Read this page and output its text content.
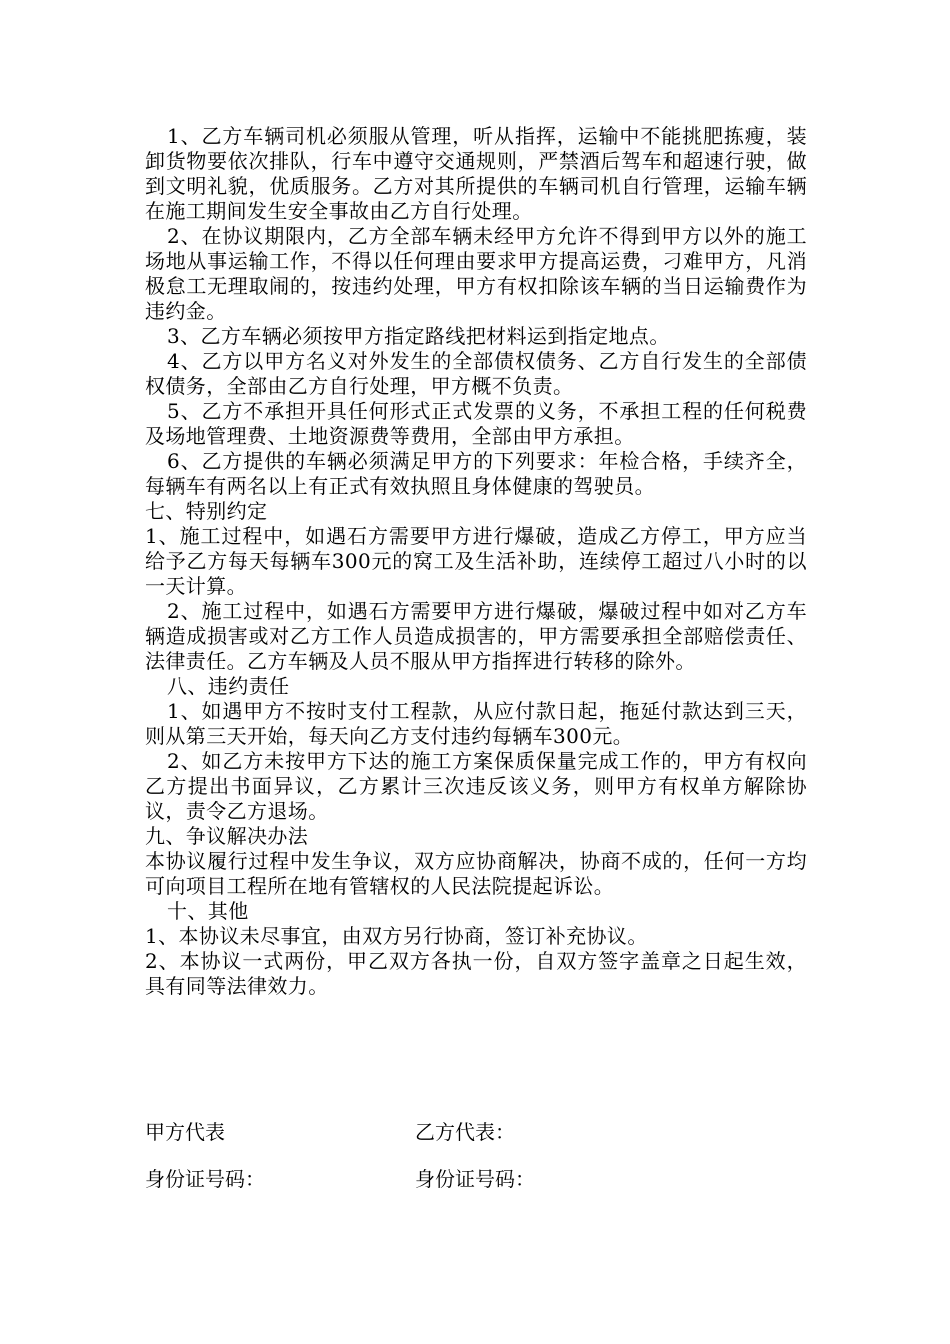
1、乙方车辆司机必须服从管理，听从指挥，运输中不能挑肥拣瘦，装卸货物要依次排队，行车中遵守交通规则，严禁酒后驾车和超速行驶，做到文明礼貌，优质服务。乙方对其所提供的车辆司机自行管理，运输车辆在施工期间发生安全事故由乙方自行处理。

2、在协议期限内，乙方全部车辆未经甲方允许不得到甲方以外的施工场地从事运输工作，不得以任何理由要求甲方提高运费，刁难甲方，凡消极怠工无理取闹的，按违约处理，甲方有权扣除该车辆的当日运输费作为违约金。

3、乙方车辆必须按甲方指定路线把材料运到指定地点。

4、乙方以甲方名义对外发生的全部债权债务、乙方自行发生的全部债权债务，全部由乙方自行处理，甲方概不负责。

5、乙方不承担开具任何形式正式发票的义务，不承担工程的任何税费及场地管理费、土地资源费等费用，全部由甲方承担。

6、乙方提供的车辆必须满足甲方的下列要求：年检合格，手续齐全，每辆车有两名以上有正式有效执照且身体健康的驾驶员。

七、特别约定

1、施工过程中，如遇石方需要甲方进行爆破，造成乙方停工，甲方应当给予乙方每天每辆车300元的窝工及生活补助，连续停工超过八小时的以一天计算。

2、施工过程中，如遇石方需要甲方进行爆破，爆破过程中如对乙方车辆造成损害或对乙方工作人员造成损害的，甲方需要承担全部赔偿责任、法律责任。乙方车辆及人员不服从甲方指挥进行转移的除外。

八、违约责任

1、如遇甲方不按时支付工程款，从应付款日起，拖延付款达到三天，则从第三天开始，每天向乙方支付违约每辆车300元。

2、如乙方未按甲方下达的施工方案保质保量完成工作的，甲方有权向乙方提出书面异议，乙方累计三次违反该义务，则甲方有权单方解除协议，责令乙方退场。

九、争议解决办法

本协议履行过程中发生争议，双方应协商解决，协商不成的，任何一方均可向项目工程所在地有管辖权的人民法院提起诉讼。

十、其他

1、本协议未尽事宜，由双方另行协商，签订补充协议。

2、本协议一式两份，甲乙双方各执一份，自双方签字盖章之日起生效，具有同等法律效力。

甲方代表	乙方代表：
身份证号码：	身份证号码：
